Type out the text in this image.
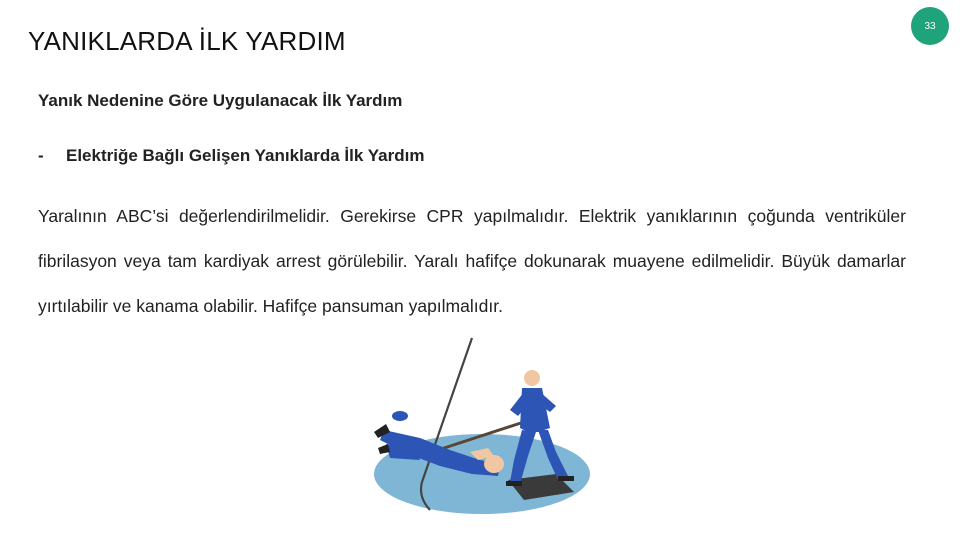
YANIKLARDA İLK YARDIM	33
Yanık Nedenine Göre Uygulanacak İlk Yardım
- Elektriğe Bağlı Gelişen Yanıklarda İlk Yardım

Yaralının ABC’si değerlendirilmelidir. Gerekirse CPR yapılmalıdır. Elektrik yanıklarının çoğunda ventriküler fibrilasyon veya tam kardiyak arrest görülebilir. Yaralı hafifçe dokunarak muayene edilmelidir. Büyük damarlar yırtılabilir ve kanama olabilir. Hafifçe pansuman yapılmalıdır.
